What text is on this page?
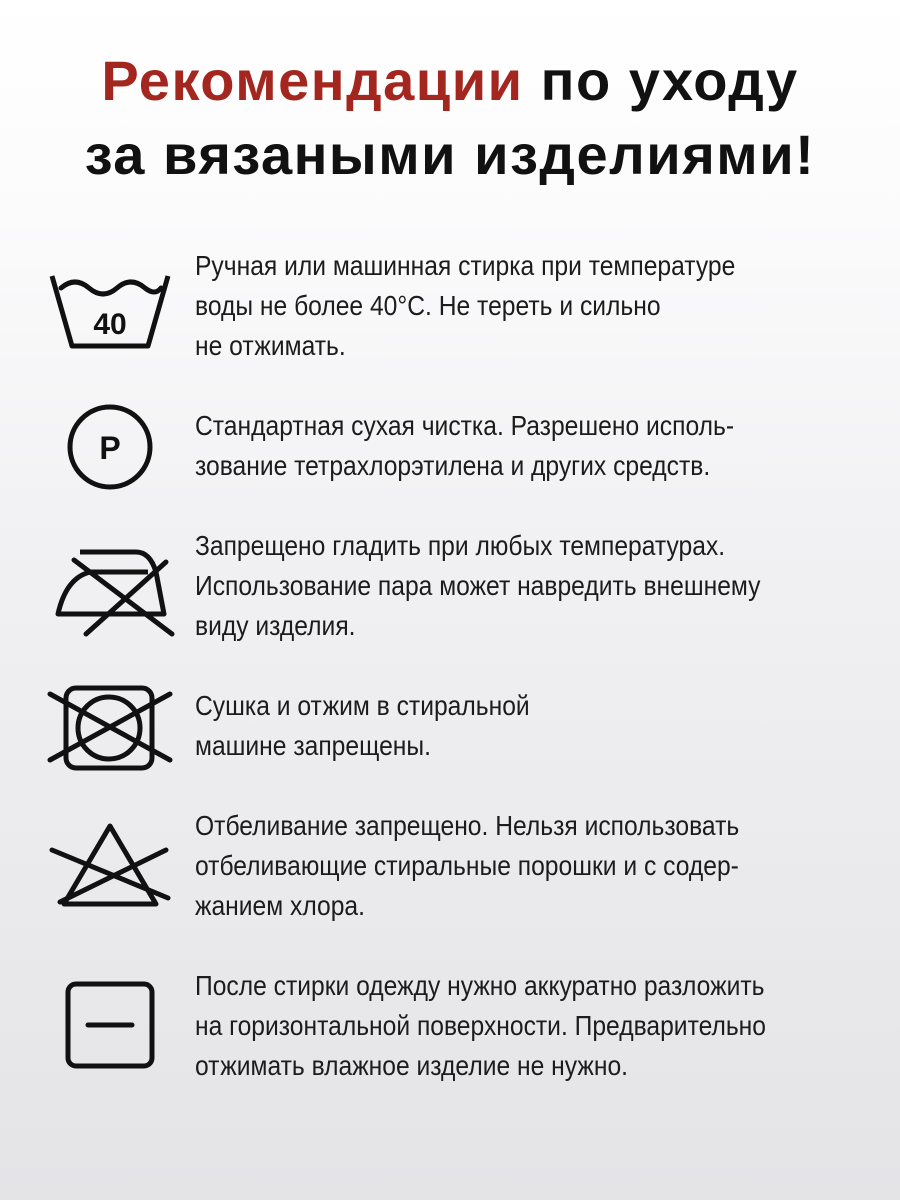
Рекомендации по уходу
за вязаными изделиями!
40
Ручная или машинная стирка при температуре
воды не более 40°С. Не тереть и сильно
не отжимать.
P
Стандартная сухая чистка. Разрешено исполь-
зование тетрахлорэтилена и других средств.
Запрещено гладить при любых температурах.
Использование пара может навредить внешнему
виду изделия.
Сушка и отжим в стиральной
машине запрещены.
Отбеливание запрещено. Нельзя использовать
отбеливающие стиральные порошки и с содер-
жанием хлора.
После стирки одежду нужно аккуратно разложить
на горизонтальной поверхности. Предварительно
отжимать влажное изделие не нужно.
